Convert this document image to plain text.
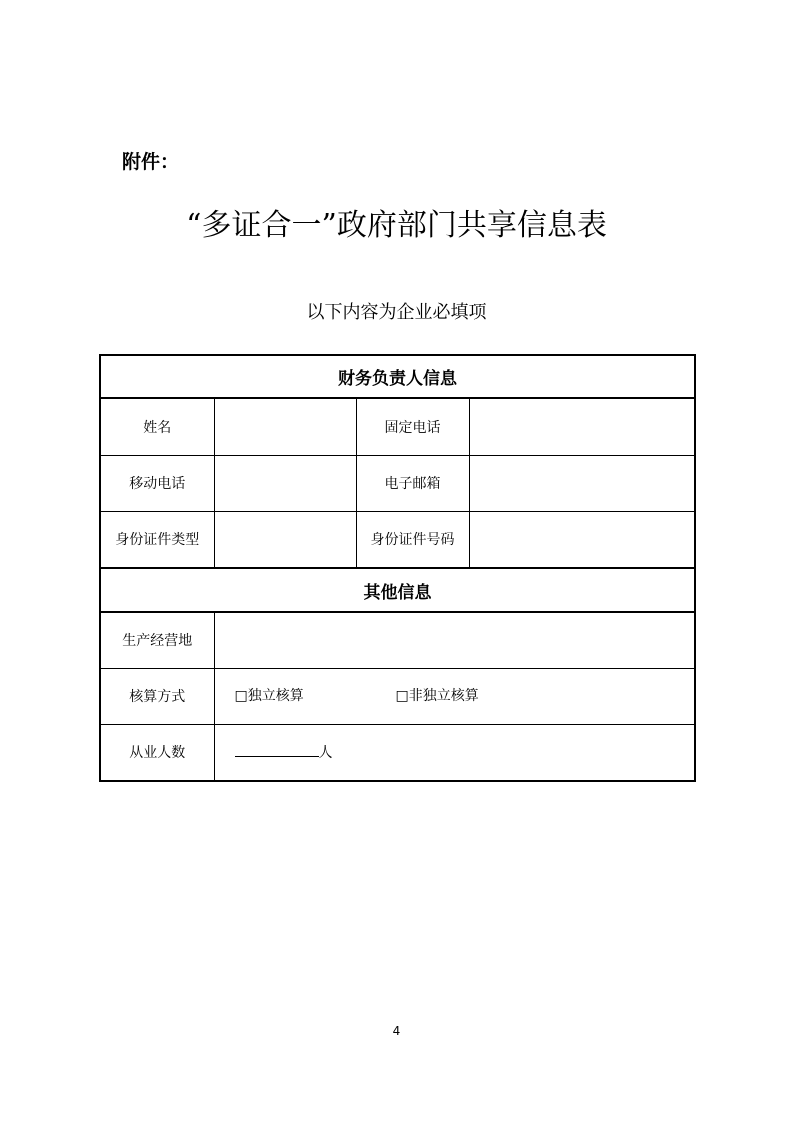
附件：
“多证合一”政府部门共享信息表
以下内容为企业必填项
财务负责人信息			
姓名		固定电话	
移动电话		电子邮箱	
身份证件类型		身份证件号码	
其他信息			
生产经营地			
核算方式	□独立核算 □非独立核算		

从业人数	人		
4
